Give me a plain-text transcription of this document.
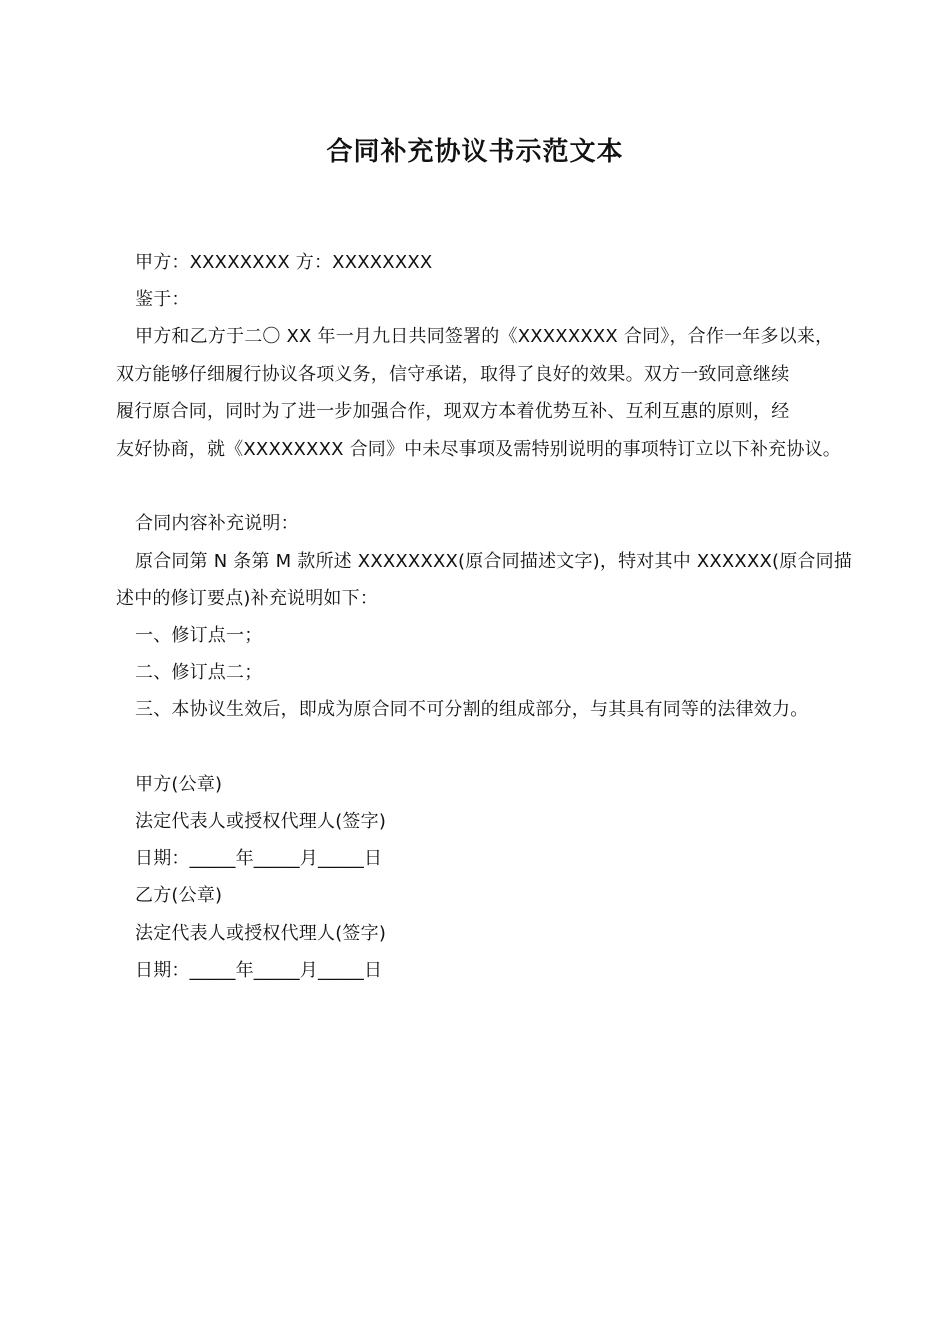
合同补充协议书示范文本
甲方：XXXXXXXX 方：XXXXXXXX
鉴于：
甲方和乙方于二〇 XX 年一月九日共同签署的《XXXXXXXX 合同》，合作一年多以来，
双方能够仔细履行协议各项义务，信守承诺，取得了良好的效果。双方一致同意继续
履行原合同，同时为了进一步加强合作，现双方本着优势互补、互利互惠的原则，经
友好协商，就《XXXXXXXX 合同》中未尽事项及需特别说明的事项特订立以下补充协议。
合同内容补充说明：
原合同第 N 条第 M 款所述 XXXXXXXX(原合同描述文字)，特对其中 XXXXXX(原合同描
述中的修订要点)补充说明如下：
一、修订点一；
二、修订点二；
三、本协议生效后，即成为原合同不可分割的组成部分，与其具有同等的法律效力。
甲方(公章)
法定代表人或授权代理人(签字)
日期：_____年_____月_____日
乙方(公章)
法定代表人或授权代理人(签字)
日期：_____年_____月_____日
